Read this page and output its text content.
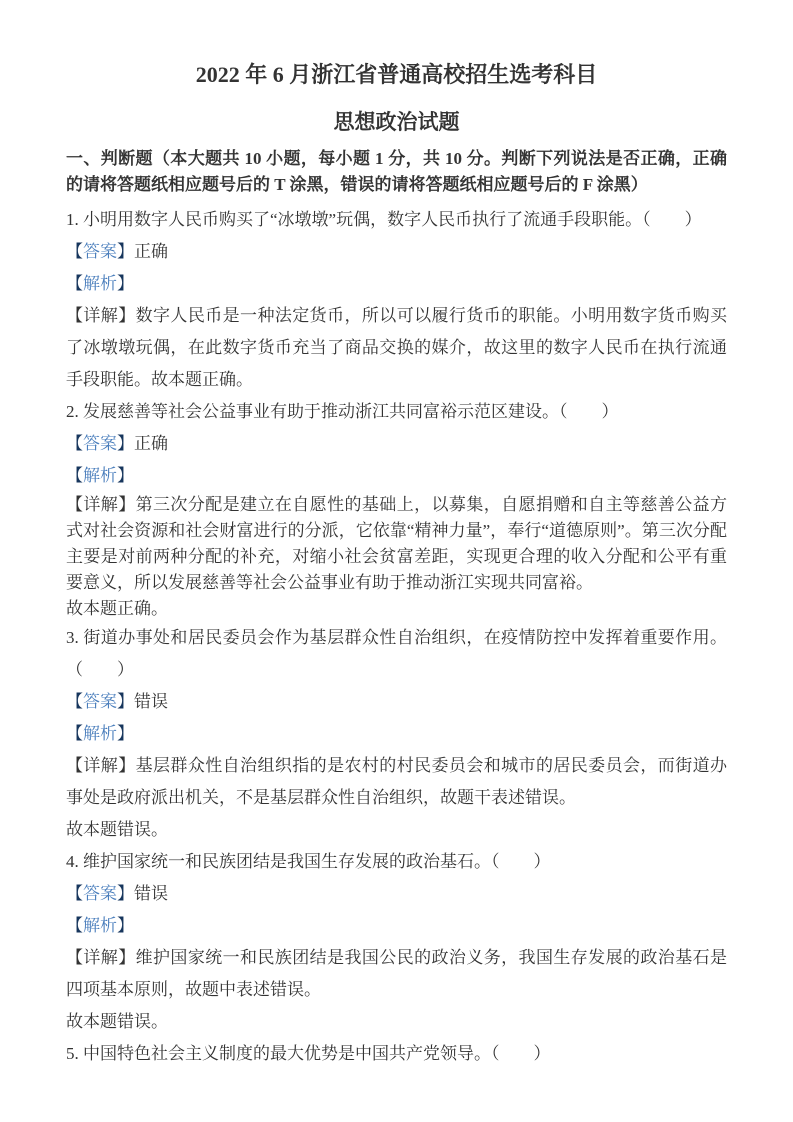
2022 年 6 月浙江省普通高校招生选考科目
思想政治试题

一、判断题（本大题共 10 小题，每小题 1 分，共 10 分。判断下列说法是否正确，正确的请将答题纸相应题号后的 T 涂黑，错误的请将答题纸相应题号后的 F 涂黑）

1. 小明用数字人民币购买了“冰墩墩”玩偶，数字人民币执行了流通手段职能。（　　）

【答案】正确

【解析】

【详解】数字人民币是一种法定货币，所以可以履行货币的职能。小明用数字货币购买了冰墩墩玩偶，在此数字货币充当了商品交换的媒介，故这里的数字人民币在执行流通手段职能。故本题正确。

2. 发展慈善等社会公益事业有助于推动浙江共同富裕示范区建设。（　　）

【答案】正确

【解析】

【详解】第三次分配是建立在自愿性的基础上，以募集，自愿捐赠和自主等慈善公益方式对社会资源和社会财富进行的分派，它依靠“精神力量”，奉行“道德原则”。第三次分配主要是对前两种分配的补充，对缩小社会贫富差距，实现更合理的收入分配和公平有重要意义，所以发展慈善等社会公益事业有助于推动浙江实现共同富裕。

故本题正确。

3. 街道办事处和居民委员会作为基层群众性自治组织，在疫情防控中发挥着重要作用。（　　）

【答案】错误

【解析】

【详解】基层群众性自治组织指的是农村的村民委员会和城市的居民委员会，而街道办事处是政府派出机关，不是基层群众性自治组织，故题干表述错误。

故本题错误。

4. 维护国家统一和民族团结是我国生存发展的政治基石。（　　）

【答案】错误

【解析】

【详解】维护国家统一和民族团结是我国公民的政治义务，我国生存发展的政治基石是四项基本原则，故题中表述错误。

故本题错误。

5. 中国特色社会主义制度的最大优势是中国共产党领导。（　　）
